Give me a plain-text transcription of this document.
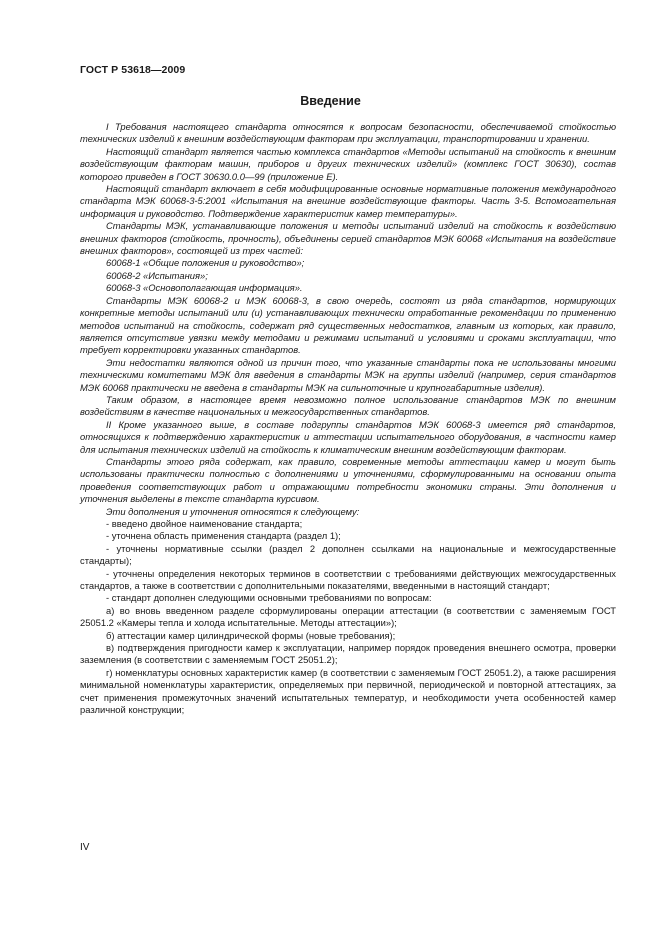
ГОСТ Р 53618—2009
Введение

I Требования настоящего стандарта относятся к вопросам безопасности, обеспечиваемой стойкостью технических изделий к внешним воздействующим факторам при эксплуатации, транспортировании и хранении.

Настоящий стандарт является частью комплекса стандартов «Методы испытаний на стойкость к внешним воздействующим факторам машин, приборов и других технических изделий» (комплекс ГОСТ 30630), состав которого приведен в ГОСТ 30630.0.0—99 (приложение Е).

Настоящий стандарт включает в себя модифицированные основные нормативные положения международного стандарта МЭК 60068-3-5:2001 «Испытания на внешние воздействующие факторы. Часть 3-5. Вспомогательная информация и руководство. Подтверждение характеристик камер температуры».

Стандарты МЭК, устанавливающие положения и методы испытаний изделий на стойкость к воздействию внешних факторов (стойкость, прочность), объединены серией стандартов МЭК 60068 «Испытания на воздействие внешних факторов», состоящей из трех частей:

60068-1 «Общие положения и руководство»;

60068-2 «Испытания»;

60068-3 «Основополагающая информация».

Стандарты МЭК 60068-2 и МЭК 60068-3, в свою очередь, состоят из ряда стандартов, нормирующих конкретные методы испытаний или (и) устанавливающих технически отработанные рекомендации по применению методов испытаний на стойкость, содержат ряд существенных недостатков, главным из которых, как правило, является отсутствие увязки между методами и режимами испытаний и условиями и сроками эксплуатации, что требует корректировки указанных стандартов.

Эти недостатки являются одной из причин того, что указанные стандарты пока не использованы многими техническими комитетами МЭК для введения в стандарты МЭК на группы изделий (например, серия стандартов МЭК 60068 практически не введена в стандарты МЭК на сильноточные и крупногабаритные изделия).

Таким образом, в настоящее время невозможно полное использование стандартов МЭК по внешним воздействиям в качестве национальных и межгосударственных стандартов.

II Кроме указанного выше, в составе подгруппы стандартов МЭК 60068-3 имеется ряд стандартов, относящихся к подтверждению характеристик и аттестации испытательного оборудования, в частности камер для испытания технических изделий на стойкость к климатическим внешним воздействующим факторам.

Стандарты этого ряда содержат, как правило, современные методы аттестации камер и могут быть использованы практически полностью с дополнениями и уточнениями, сформулированными на основании опыта проведения соответствующих работ и отражающими потребности экономики страны. Эти дополнения и уточнения выделены в тексте стандарта курсивом.

Эти дополнения и уточнения относятся к следующему:

- введено двойное наименование стандарта;

- уточнена область применения стандарта (раздел 1);

- уточнены нормативные ссылки (раздел 2 дополнен ссылками на национальные и межгосударственные стандарты);

- уточнены определения некоторых терминов в соответствии с требованиями действующих межгосударственных стандартов, а также в соответствии с дополнительными показателями, введенными в настоящий стандарт;

- стандарт дополнен следующими основными требованиями по вопросам:

а) во вновь введенном разделе сформулированы операции аттестации (в соответствии с заменяемым ГОСТ 25051.2 «Камеры тепла и холода испытательные. Методы аттестации»);

б) аттестации камер цилиндрической формы (новые требования);

в) подтверждения пригодности камер к эксплуатации, например порядок проведения внешнего осмотра, проверки заземления (в соответствии с заменяемым ГОСТ 25051.2);

г) номенклатуры основных характеристик камер (в соответствии с заменяемым ГОСТ 25051.2), а также расширения минимальной номенклатуры характеристик, определяемых при первичной, периодической и повторной аттестациях, за счет применения промежуточных значений испытательных температур, и необходимости учета особенностей камер различной конструкции;

IV
